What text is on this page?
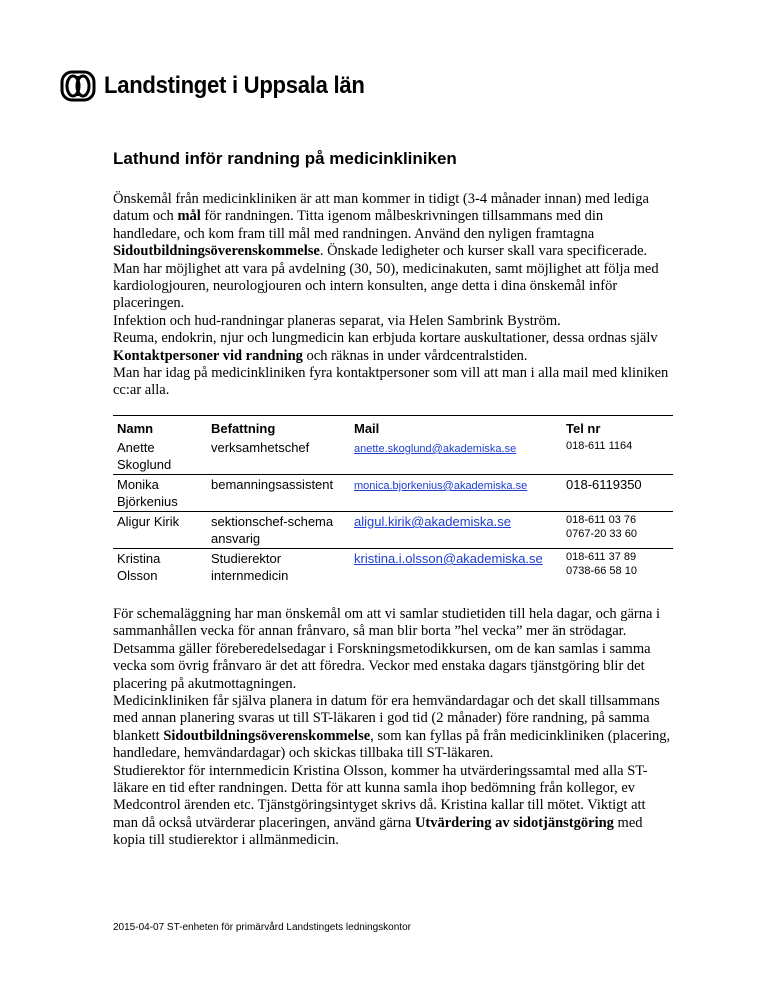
Landstinget i Uppsala län
Lathund inför randning på medicinkliniken

Önskemål från medicinkliniken är att man kommer in tidigt (3-4 månader innan) med lediga datum och mål för randningen. Titta igenom målbeskrivningen tillsammans med din handledare, och kom fram till mål med randningen. Använd den nyligen framtagna Sidoutbildningsöverenskommelse. Önskade ledigheter och kurser skall vara specificerade.

Man har möjlighet att vara på avdelning (30, 50), medicinakuten, samt möjlighet att följa med kardiologjouren, neurologjouren och intern konsulten, ange detta i dina önskemål inför placeringen.

Infektion och hud-randningar planeras separat, via Helen Sambrink Byström.

Reuma, endokrin, njur och lungmedicin kan erbjuda kortare auskultationer, dessa ordnas själv Kontaktpersoner vid randning och räknas in under vårdcentralstiden.

Man har idag på medicinkliniken fyra kontaktpersoner som vill att man i alla mail med kliniken cc:ar alla.

Namn	Befattning	Mail	Tel nr
Anette Skoglund	verksamhetschef	anette.skoglund@akademiska.se	018-611 1164
Monika Björkenius	bemanningsassistent	monica.bjorkenius@akademiska.se	018-6119350
Aligur Kirik	sektionschef-schema ansvarig	aligul.kirik@akademiska.se	018-611 03 76
0767-20 33 60

Kristina Olsson	Studierektor internmedicin	kristina.i.olsson@akademiska.se	018-611 37 89
0738-66 58 10

För schemaläggning har man önskemål om att vi samlar studietiden till hela dagar, och gärna i sammanhållen vecka för annan frånvaro, så man blir borta ”hel vecka” mer än strödagar. Detsamma gäller föreberedelsedagar i Forskningsmetodikkursen, om de kan samlas i samma vecka som övrig frånvaro är det att föredra. Veckor med enstaka dagars tjänstgöring blir det placering på akutmottagningen.

Medicinkliniken får själva planera in datum för era hemvändardagar och det skall tillsammans med annan planering svaras ut till ST-läkaren i god tid (2 månader) före randning, på samma blankett Sidoutbildningsöverenskommelse, som kan fyllas på från medicinkliniken (placering, handledare, hemvändardagar) och skickas tillbaka till ST-läkaren.

Studierektor för internmedicin Kristina Olsson, kommer ha utvärderingssamtal med alla ST-läkare en tid efter randningen. Detta för att kunna samla ihop bedömning från kollegor, ev Medcontrol ärenden etc. Tjänstgöringsintyget skrivs då. Kristina kallar till mötet. Viktigt att man då också utvärderar placeringen, använd gärna Utvärdering av sidotjänstgöring med kopia till studierektor i allmänmedicin.

2015-04-07 ST-enheten för primärvård Landstingets ledningskontor
